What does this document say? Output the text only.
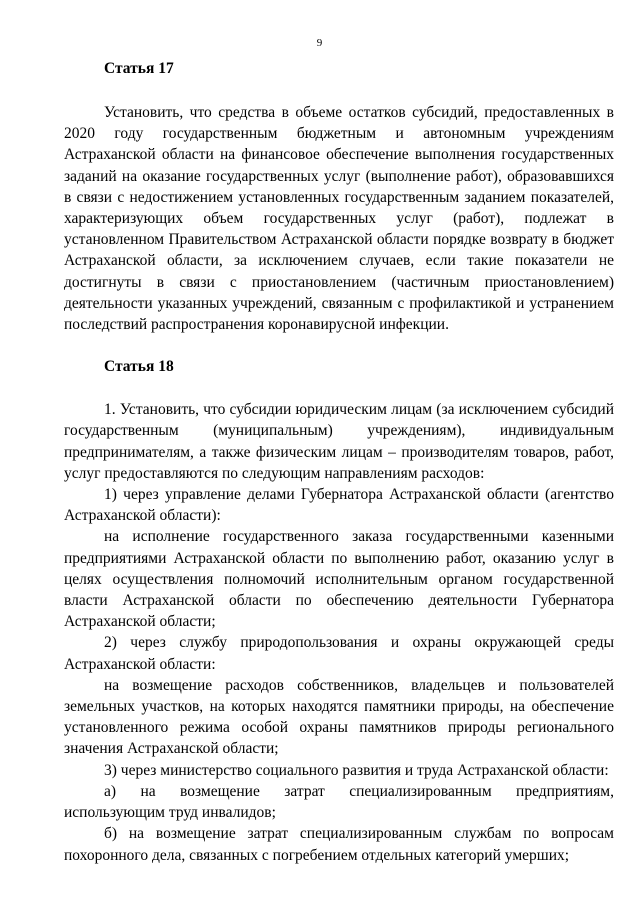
9

Статья 17

Установить, что средства в объеме остатков субсидий, предоставленных в 2020 году государственным бюджетным и автономным учреждениям Астраханской области на финансовое обеспечение выполнения государственных заданий на оказание государственных услуг (выполнение работ), образовавшихся в связи с недостижением установленных государственным заданием показателей, характеризующих объем государственных услуг (работ), подлежат в установленном Правительством Астраханской области порядке возврату в бюджет Астраханской области, за исключением случаев, если такие показатели не достигнуты в связи с приостановлением (частичным приостановлением) деятельности указанных учреждений, связанным с профилактикой и устранением последствий распространения коронавирусной инфекции.

Статья 18

1. Установить, что субсидии юридическим лицам (за исключением субсидий государственным (муниципальным) учреждениям), индивидуальным предпринимателям, а также физическим лицам – производителям товаров, работ, услуг предоставляются по следующим направлениям расходов:

1) через управление делами Губернатора Астраханской области (агентство Астраханской области):

на исполнение государственного заказа государственными казенными предприятиями Астраханской области по выполнению работ, оказанию услуг в целях осуществления полномочий исполнительным органом государственной власти Астраханской области по обеспечению деятельности Губернатора Астраханской области;

2) через службу природопользования и охраны окружающей среды Астраханской области:

на возмещение расходов собственников, владельцев и пользователей земельных участков, на которых находятся памятники природы, на обеспечение установленного режима особой охраны памятников природы регионального значения Астраханской области;

3) через министерство социального развития и труда Астраханской области:

а) на возмещение затрат специализированным предприятиям, использующим труд инвалидов;

б) на возмещение затрат специализированным службам по вопросам похоронного дела, связанных с погребением отдельных категорий умерших;
